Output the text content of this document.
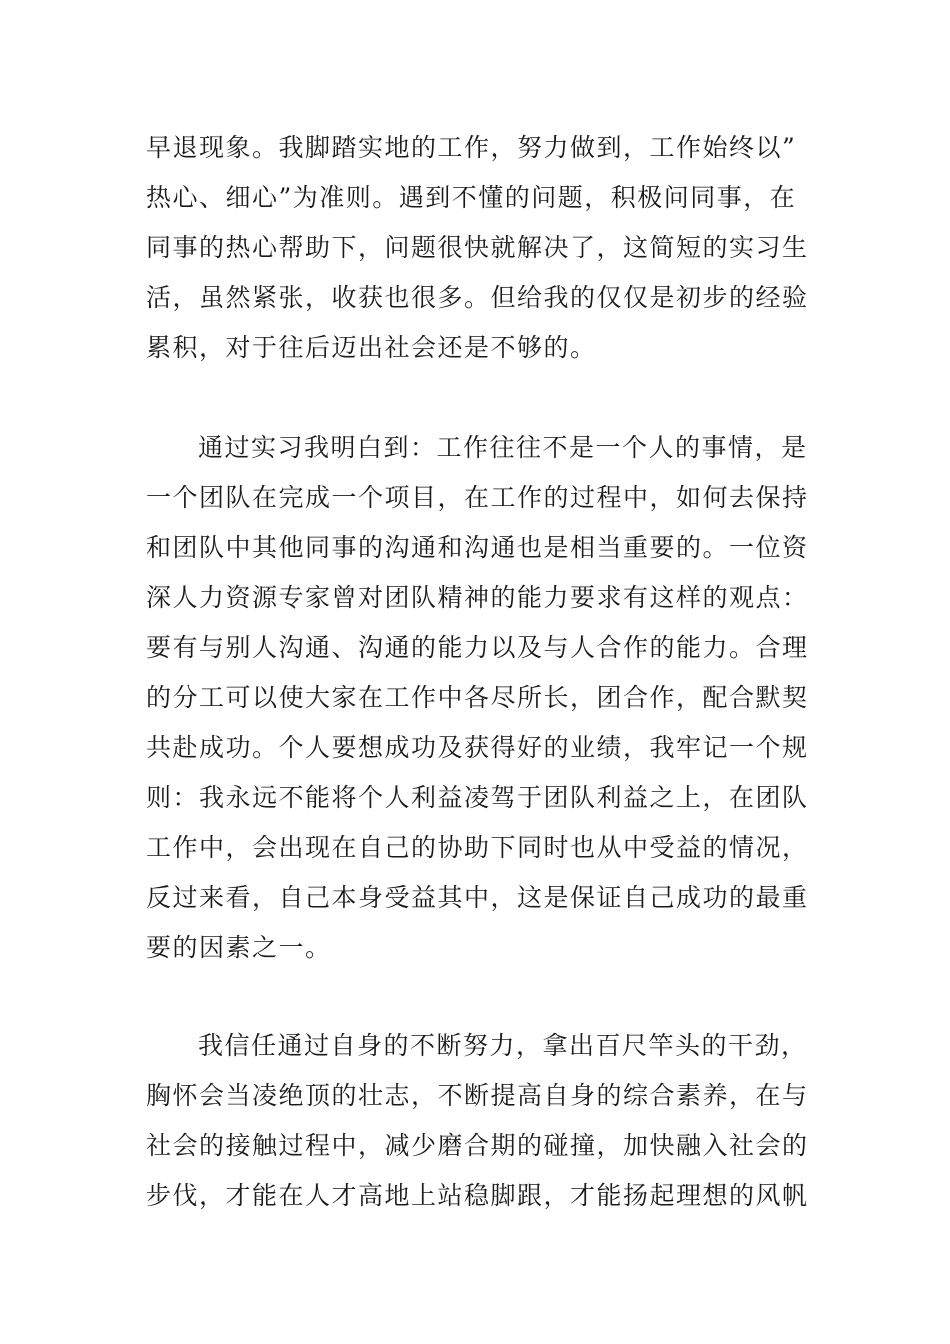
早退现象。我脚踏实地的工作，努力做到，工作始终以”
热心、细心”为准则。遇到不懂的问题，积极问同事，在
同事的热心帮助下，问题很快就解决了，这简短的实习生
活，虽然紧张，收获也很多。但给我的仅仅是初步的经验
累积，对于往后迈出社会还是不够的。
通过实习我明白到：工作往往不是一个人的事情，是
一个团队在完成一个项目，在工作的过程中，如何去保持
和团队中其他同事的沟通和沟通也是相当重要的。一位资
深人力资源专家曾对团队精神的能力要求有这样的观点：
要有与别人沟通、沟通的能力以及与人合作的能力。合理
的分工可以使大家在工作中各尽所长，团合作，配合默契
共赴成功。个人要想成功及获得好的业绩，我牢记一个规
则：我永远不能将个人利益凌驾于团队利益之上，在团队
工作中，会出现在自己的协助下同时也从中受益的情况，
反过来看，自己本身受益其中，这是保证自己成功的最重
要的因素之一。
我信任通过自身的不断努力，拿出百尺竿头的干劲，
胸怀会当凌绝顶的壮志，不断提高自身的综合素养，在与
社会的接触过程中，减少磨合期的碰撞，加快融入社会的
步伐，才能在人才高地上站稳脚跟，才能扬起理想的风帆
